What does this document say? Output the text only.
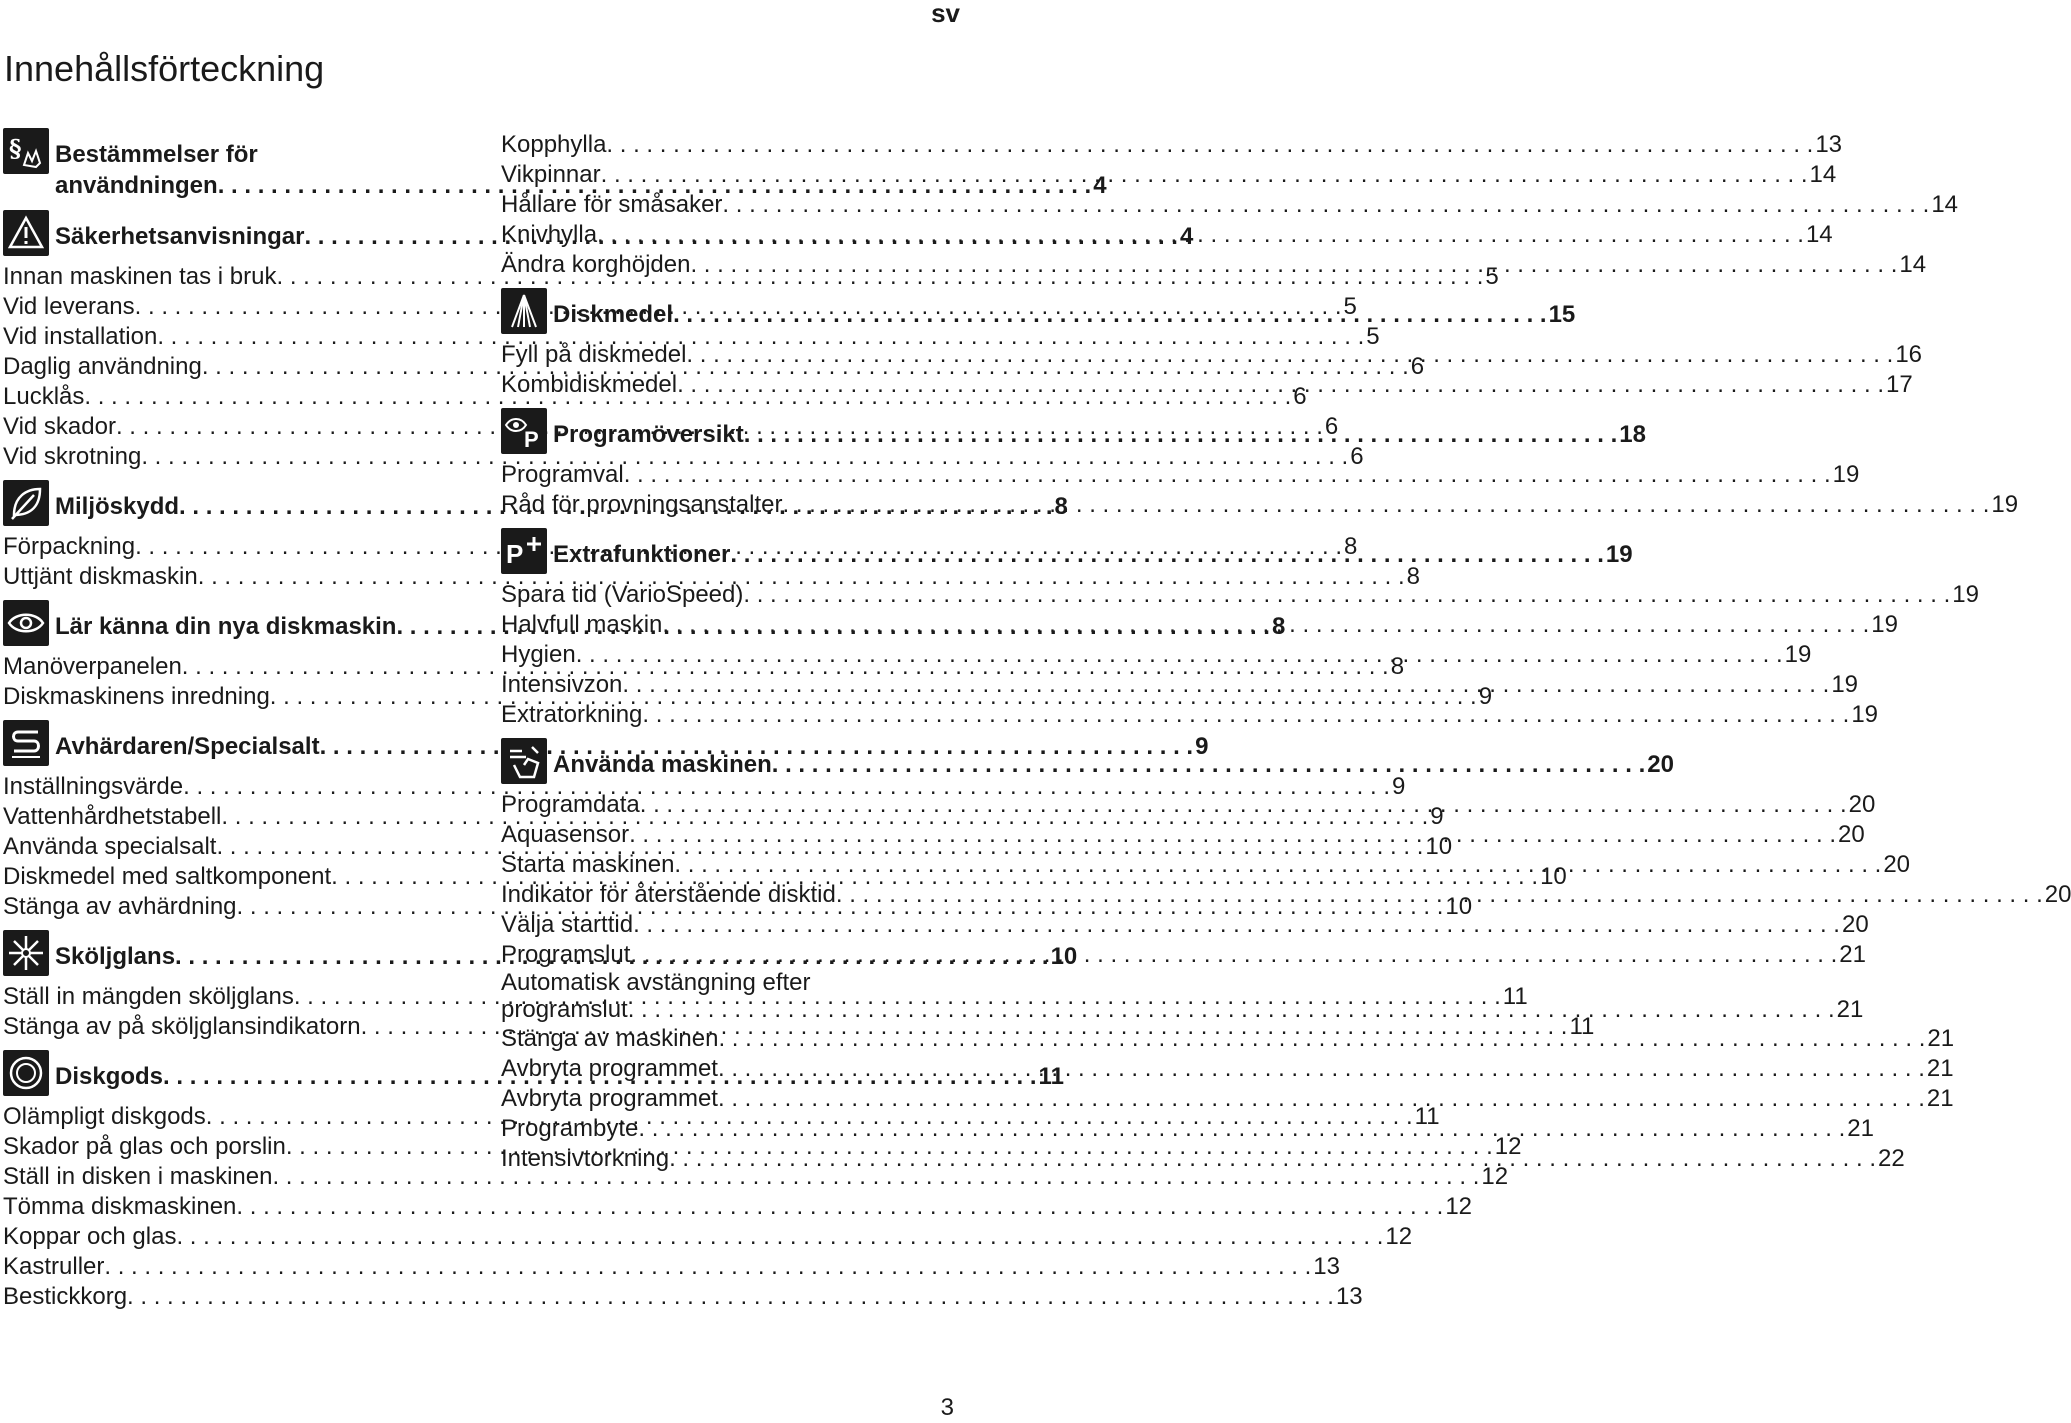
sv
Innehållsförteckning
§ Bestämmelser för
användningen . . .	4
Säkerhetsanvisningar . . .	4
Innan maskinen tas i bruk . . .	5
Vid leverans . . .	5
Vid installation . . .	5
Daglig användning . . .	6
Lucklås . . .	6
Vid skador . . .	6
Vid skrotning . . .	6
Miljöskydd . . .	8
Förpackning . . .	8
Uttjänt diskmaskin . . .	8
Lär känna din nya diskmaskin . . .	8
Manöverpanelen . . .	8
Diskmaskinens inredning . . .	9
Avhärdaren/Specialsalt . . .	9
Inställningsvärde . . .	9
Vattenhårdhetstabell . . .	9
Använda specialsalt . . .	10
Diskmedel med saltkomponent . . .	10
Stänga av avhärdning . . .	10
Sköljglans . . .	10
Ställ in mängden sköljglans . . .	11
Stänga av på sköljglansindikatorn . . .	11
Diskgods . . .	11
Olämpligt diskgods . . .	11
Skador på glas och porslin . . .	12
Ställ in disken i maskinen . . .	12
Tömma diskmaskinen . . .	12
Koppar och glas . . .	12
Kastruller . . .	13
Bestickkorg . . .	13
Kopphylla . . .	13
Vikpinnar . . .	14
Hållare för småsaker . . .	14
Knivhylla . . .	14
Ändra korghöjden . . .	14
Diskmedel . . .	15
Fyll på diskmedel . . .	16
Kombidiskmedel . . .	17
P Programöversikt . . .	18
Programval . . .	19
Råd för provningsanstalter . . .	19
P Extrafunktioner . . .	19
Spara tid (VarioSpeed) . . .	19
Halvfull maskin . . .	19
Hygien . . .	19
Intensivzon . . .	19
Extratorkning . . .	19
Använda maskinen . . .	20
Programdata . . .	20
Aquasensor . . .	20
Starta maskinen . . .	20
Indikator för återstående disktid . . .	20
Välja starttid . . .	20
Programslut . . .	21
Automatisk avstängning efter
programslut . . .	21
Stänga av maskinen . . .	21
Avbryta programmet . . .	21
Avbryta programmet . . .	21
Programbyte . . .	21
Intensivtorkning . . .	22
3
